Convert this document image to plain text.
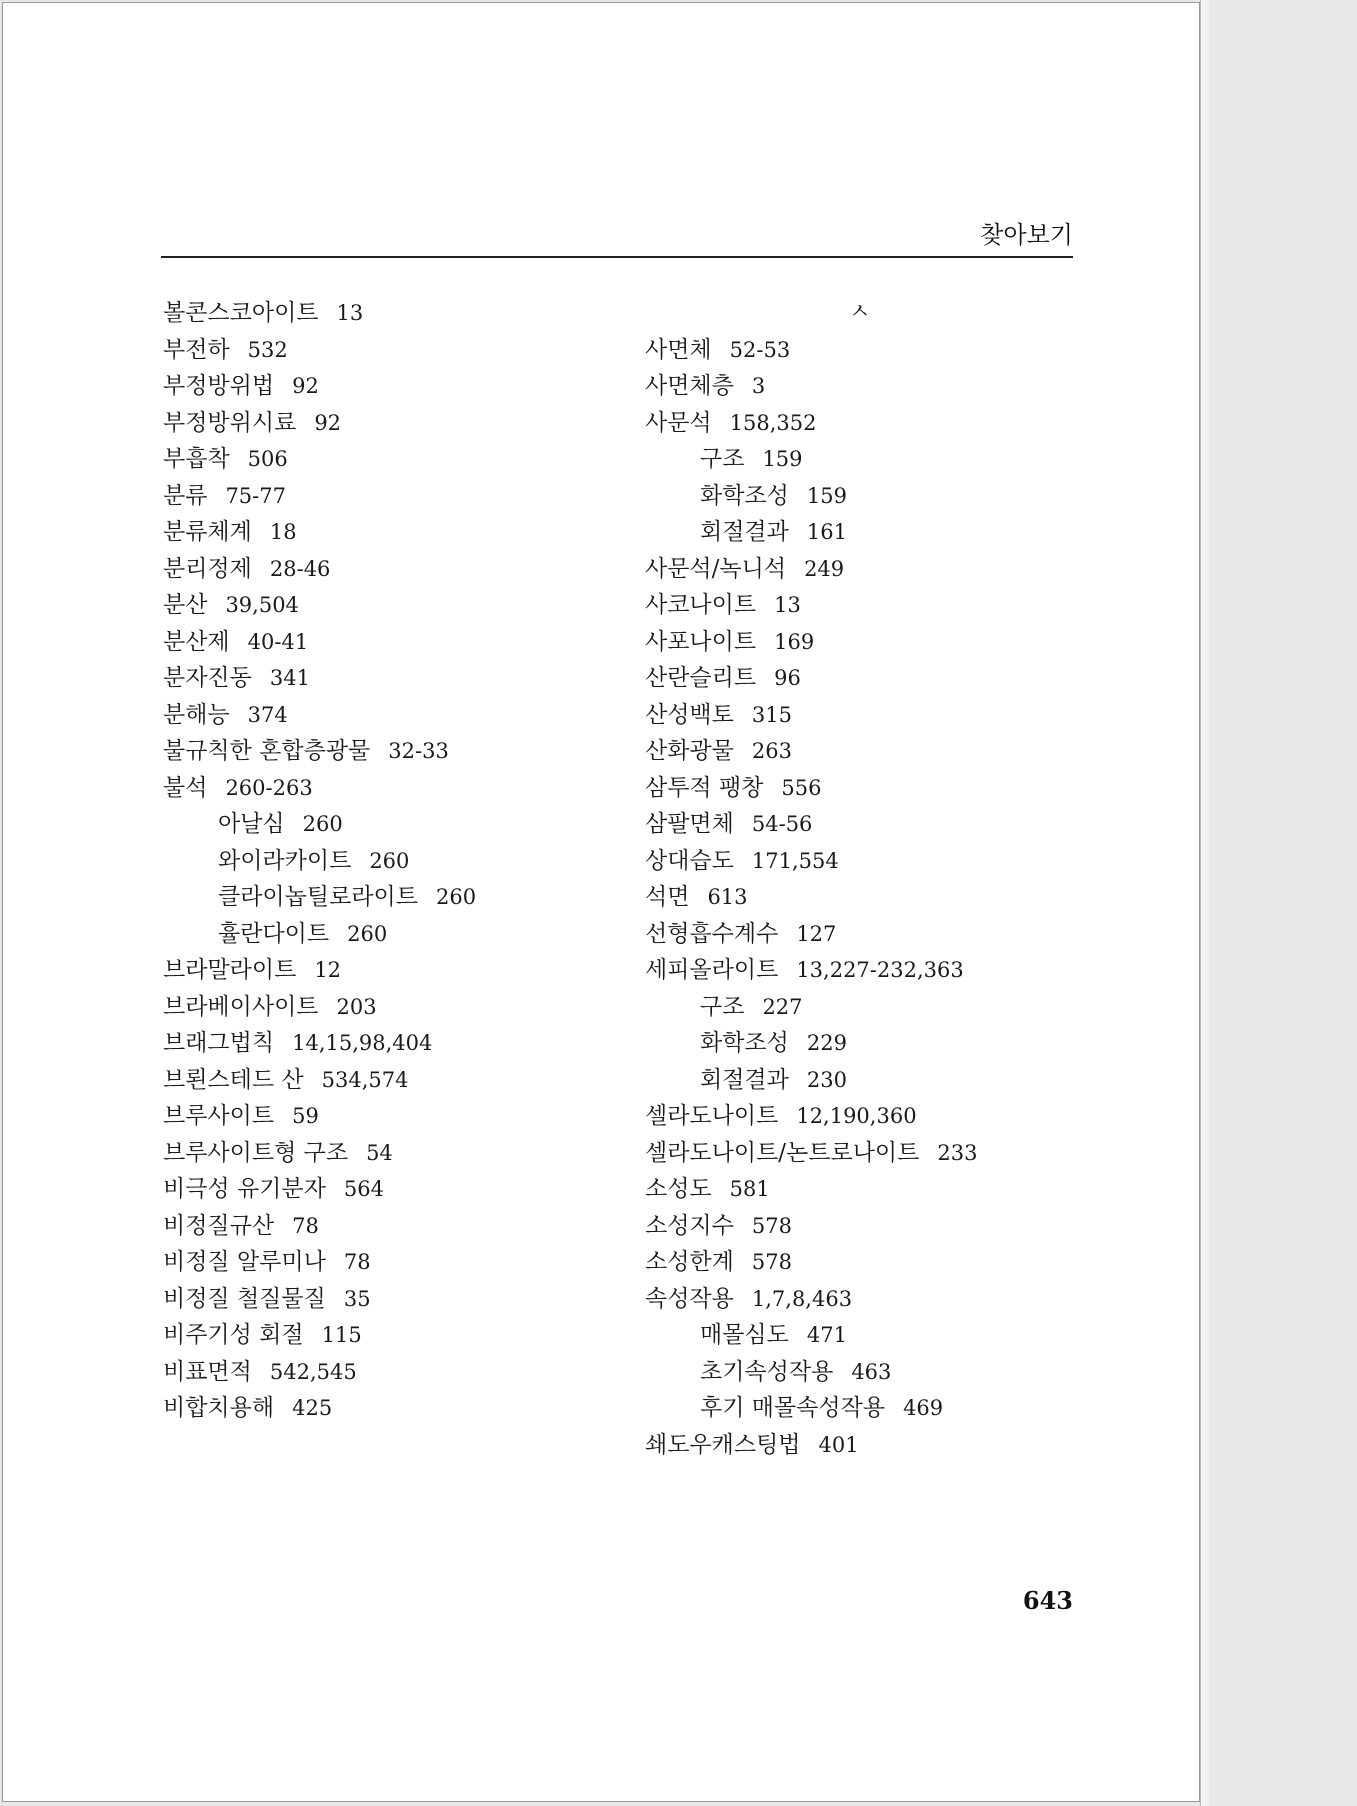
찾아보기
볼콘스코아이트 13
부전하 532
부정방위법 92
부정방위시료 92
부흡착 506
분류 75-77
분류체계 18
분리정제 28-46
분산 39,504
분산제 40-41
분자진동 341
분해능 374
불규칙한 혼합층광물 32-33
불석 260-263
아날심 260
와이라카이트 260
클라이놉틸로라이트 260
휼란다이트 260
브라말라이트 12
브라베이사이트 203
브래그법칙 14,15,98,404
브뢴스테드 산 534,574
브루사이트 59
브루사이트형 구조 54
비극성 유기분자 564
비정질규산 78
비정질 알루미나 78
비정질 철질물질 35
비주기성 회절 115
비표면적 542,545
비합치용해 425
ㅅ
사면체 52-53
사면체층 3
사문석 158,352
구조 159
화학조성 159
회절결과 161
사문석/녹니석 249
사코나이트 13
사포나이트 169
산란슬리트 96
산성백토 315
산화광물 263
삼투적 팽창 556
삼팔면체 54-56
상대습도 171,554
석면 613
선형흡수계수 127
세피올라이트 13,227-232,363
구조 227
화학조성 229
회절결과 230
셀라도나이트 12,190,360
셀라도나이트/논트로나이트 233
소성도 581
소성지수 578
소성한계 578
속성작용 1,7,8,463
매몰심도 471
초기속성작용 463
후기 매몰속성작용 469
쇄도우캐스팅법 401
643
